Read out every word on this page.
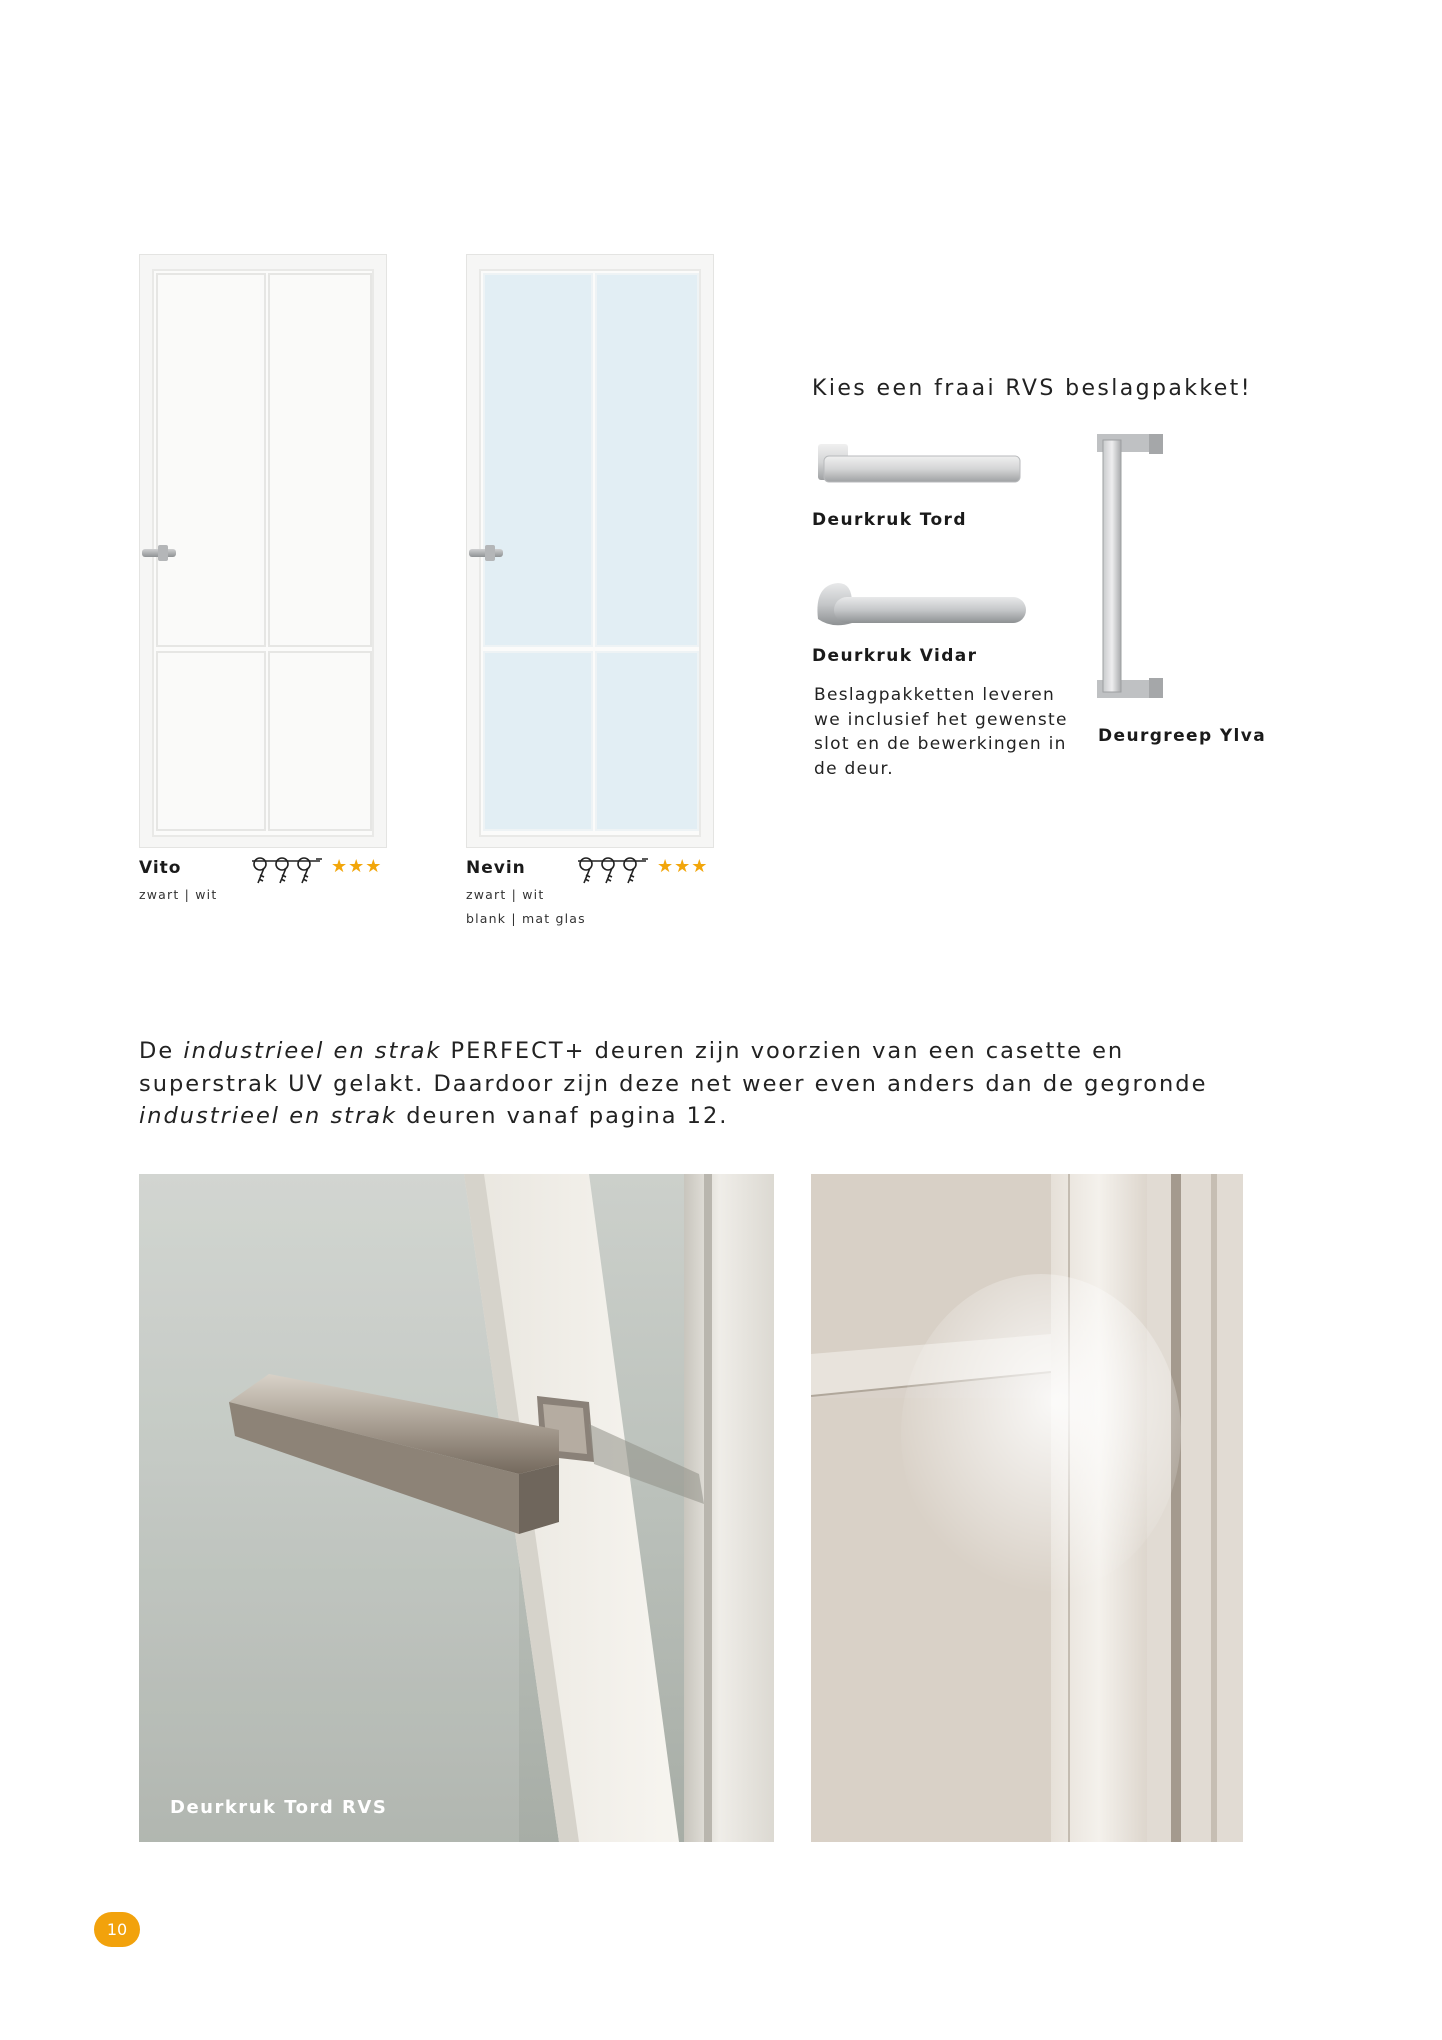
Vito
zwart | wit
★★★	Nevin
zwart | wit
blank | mat glas
★★★
Kies een fraai RVS beslagpakket!
Deurkruk Tord
Deurkruk Vidar
Beslagpakketten leveren we inclusief het gewenste slot en de bewerkingen in de deur.
Deurgreep Ylva
De industrieel en strak PERFECT+ deuren zijn voorzien van een casette en superstrak UV gelakt. Daardoor zijn deze net weer even anders dan de gegronde industrieel en strak deuren vanaf pagina 12.
Deurkruk Tord RVS
10
